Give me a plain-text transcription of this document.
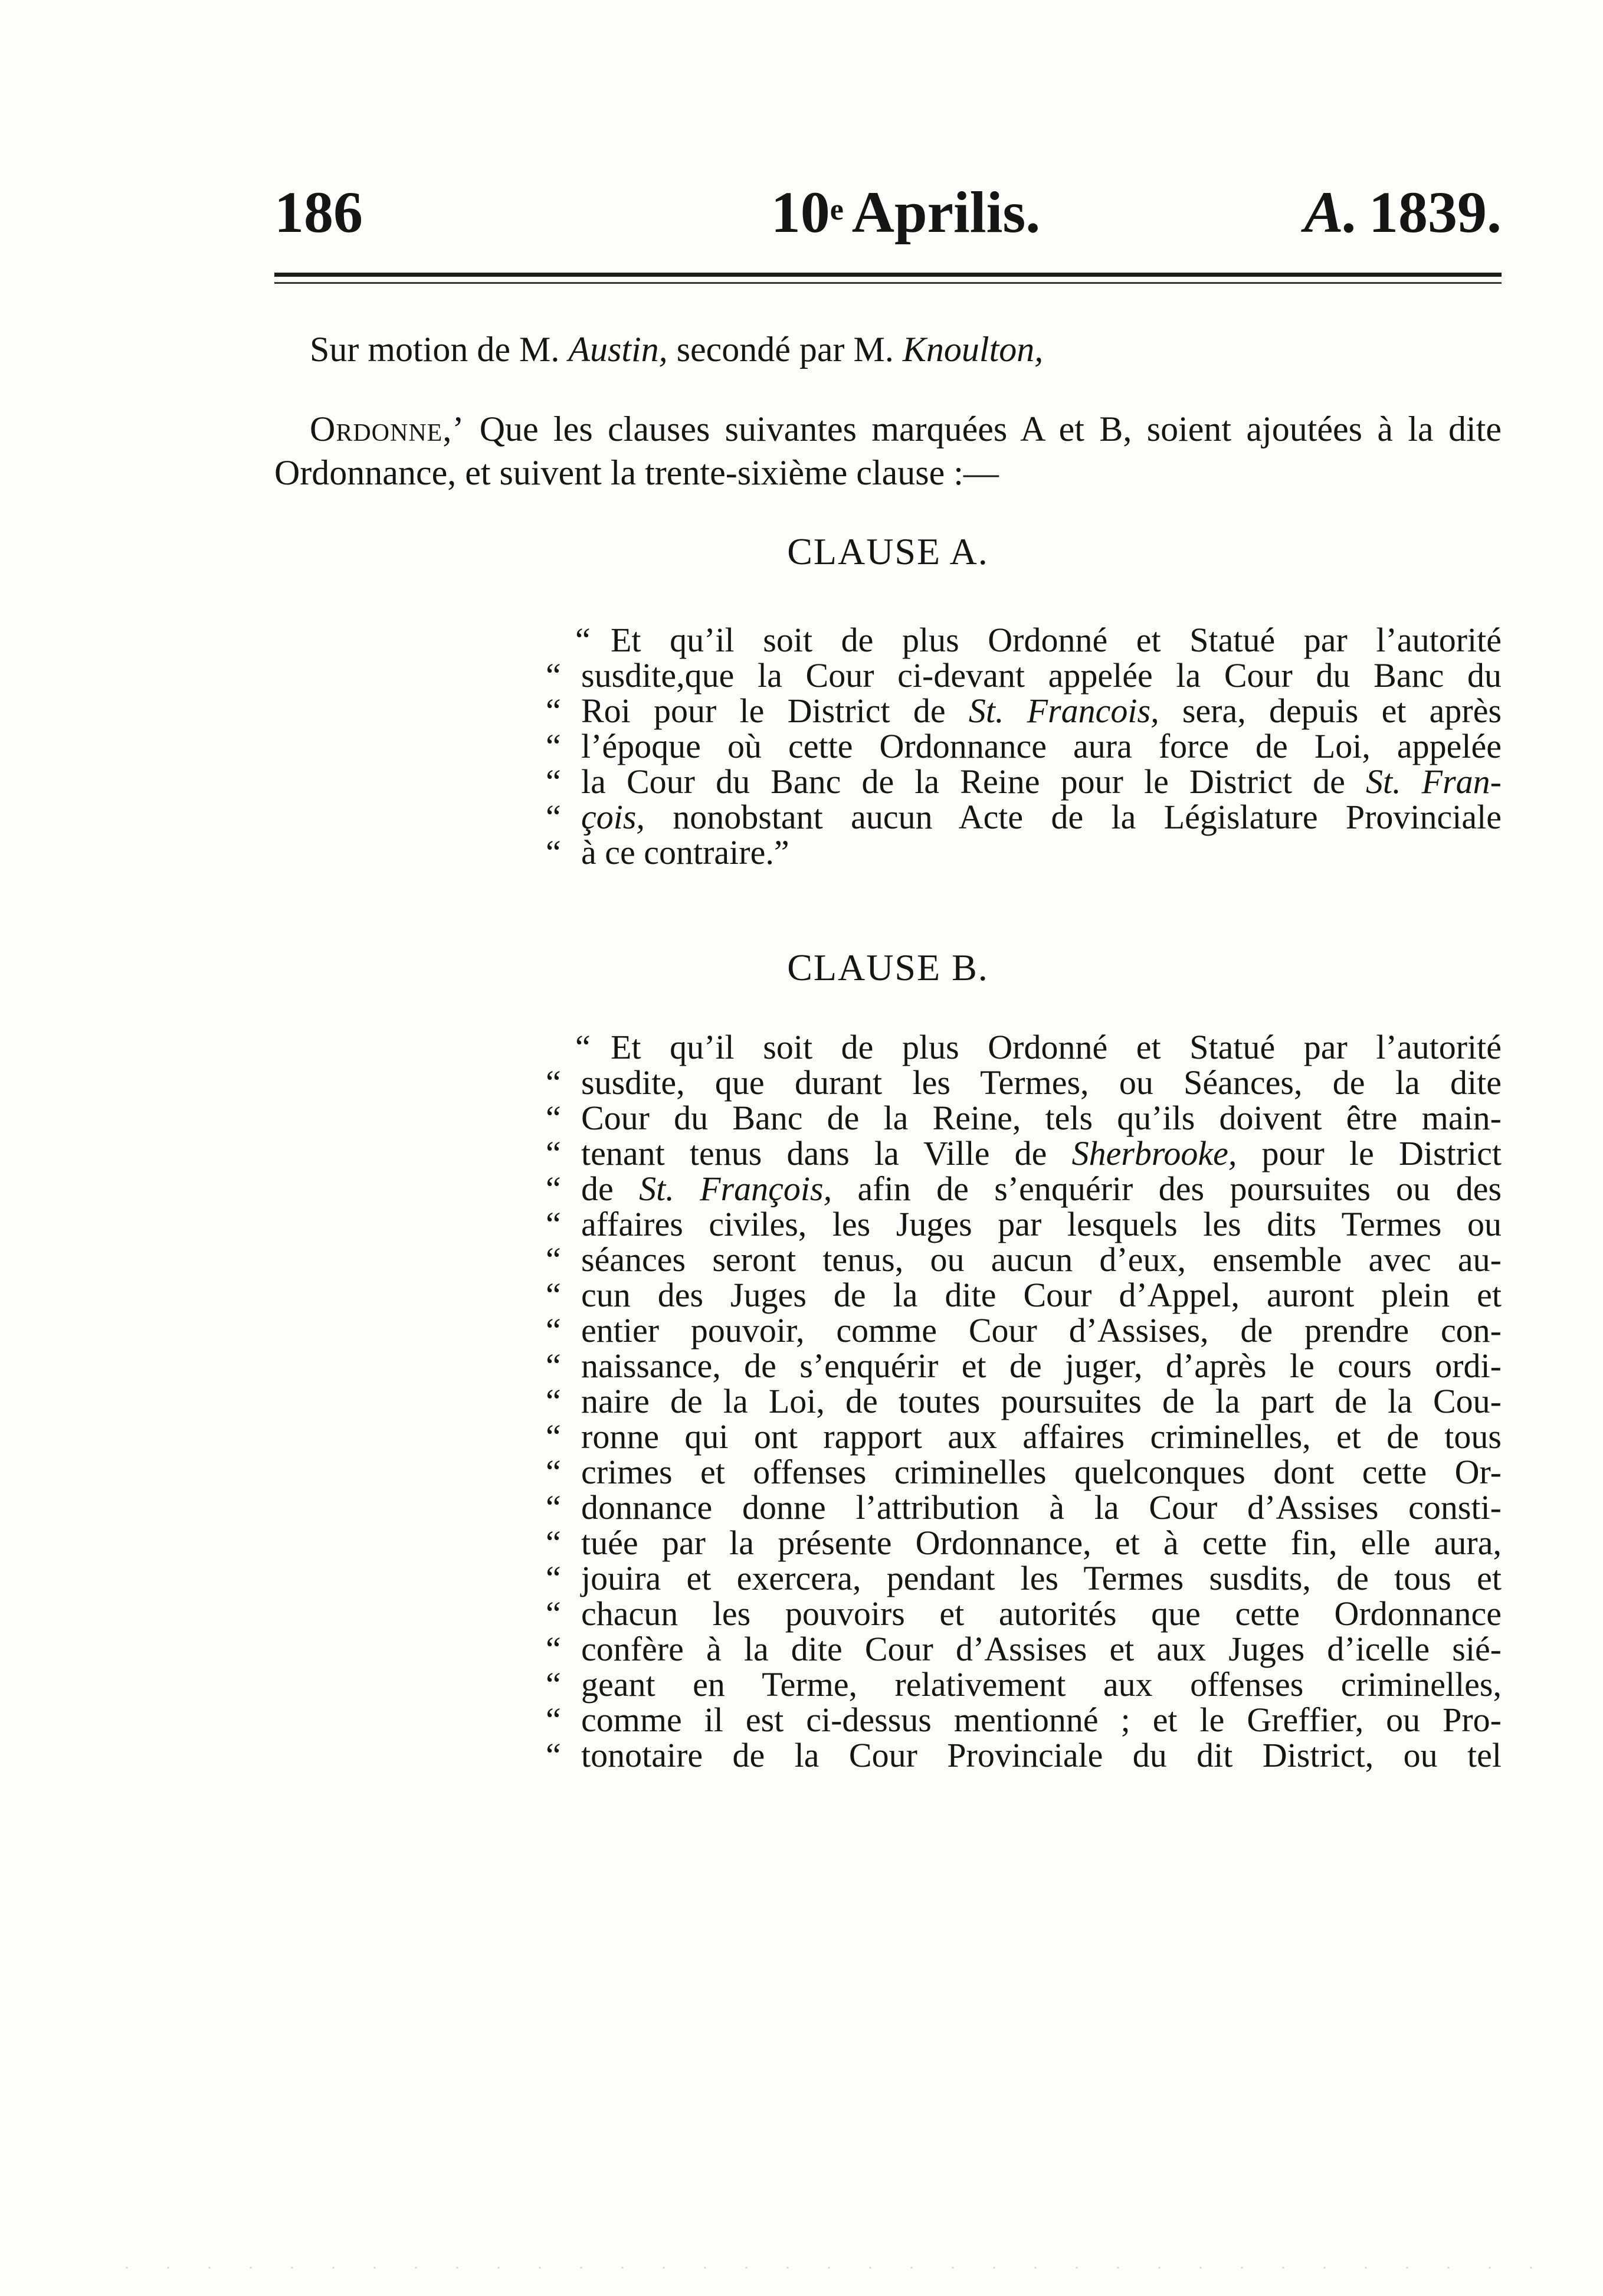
186	10e Aprilis.	A. 1839.
Sur motion de M. Austin, secondé par M. Knoulton,
Ordonne,’ Que les clauses suivantes marquées A et B, soient ajoutées à la dite Ordonnance, et suivent la trente-sixième clause :—
CLAUSE A.
“ Et qu’il soit de plus Ordonné et Statué par l’autorité
“ susdite,que la Cour ci-devant appelée la Cour du Banc du
“ Roi pour le District de St. Francois, sera, depuis et après
“ l’époque où cette Ordonnance aura force de Loi, appelée
“ la Cour du Banc de la Reine pour le District de St. Fran-
“ çois, nonobstant aucun Acte de la Législature Provinciale
“ à ce contraire.”
CLAUSE B.
“ Et qu’il soit de plus Ordonné et Statué par l’autorité
“ susdite, que durant les Termes, ou Séances, de la dite
“ Cour du Banc de la Reine, tels qu’ils doivent être main-
“ tenant tenus dans la Ville de Sherbrooke, pour le District
“ de St. François, afin de s’enquérir des poursuites ou des
“ affaires civiles, les Juges par lesquels les dits Termes ou
“ séances seront tenus, ou aucun d’eux, ensemble avec au-
“ cun des Juges de la dite Cour d’Appel, auront plein et
“ entier pouvoir, comme Cour d’Assises, de prendre con-
“ naissance, de s’enquérir et de juger, d’après le cours ordi-
“ naire de la Loi, de toutes poursuites de la part de la Cou-
“ ronne qui ont rapport aux affaires criminelles, et de tous
“ crimes et offenses criminelles quelconques dont cette Or-
“ donnance donne l’attribution à la Cour d’Assises consti-
“ tuée par la présente Ordonnance, et à cette fin, elle aura,
“ jouira et exercera, pendant les Termes susdits, de tous et
“ chacun les pouvoirs et autorités que cette Ordonnance
“ confère à la dite Cour d’Assises et aux Juges d’icelle sié-
“ geant en Terme, relativement aux offenses criminelles,
“ comme il est ci-dessus mentionné ; et le Greffier, ou Pro-
“ tonotaire de la Cour Provinciale du dit District, ou tel
